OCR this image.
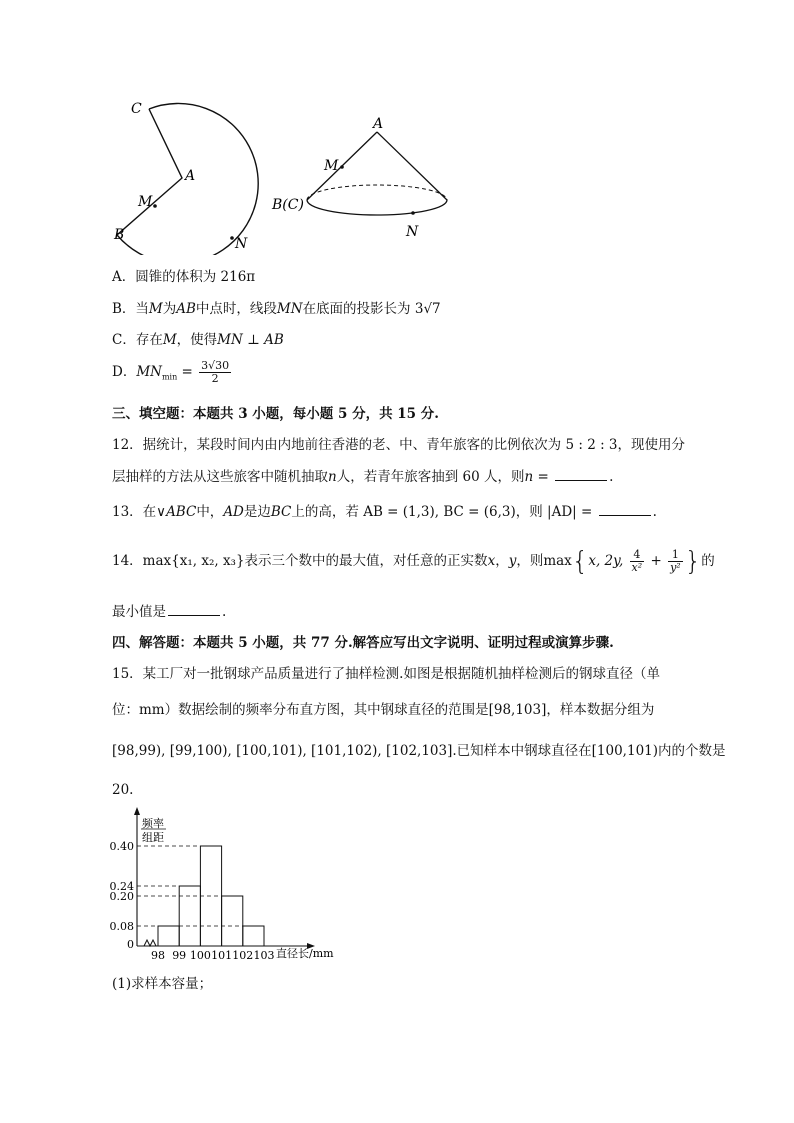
C
A
M
B
N
A
M
B(C)
N
A．圆锥的体积为 216π
B．当M为AB中点时，线段MN在底面的投影长为 3√7
C．存在M，使得MN ⊥ AB
D．$MN_{min} = \frac{3√30}{2}$
三、填空题：本题共 3 小题，每小题 5 分，共 15 分.
12．据统计，某段时间内由内地前往香港的老、中、青年旅客的比例依次为 5 : 2 : 3，现使用分
层抽样的方法从这些旅客中随机抽取n人，若青年旅客抽到 60 人，则n =	.
13．在∨ABC中，AD是边BC上的高，若 AB = (1,3), BC = (6,3)，则 |AD| =	.
14．max{x₁, x₂, x₃}表示三个数中的最大值，对任意的正实数x，y，则max{x, 2y, $\frac{4}{\text{x²}} + \frac{1}{\text{y²}}$ }的
最小值是	.
四、解答题：本题共 5 小题，共 77 分.解答应写出文字说明、证明过程或演算步骤.
15．某工厂对一批钢球产品质量进行了抽样检测.如图是根据随机抽样检测后的钢球直径（单
位：mm）数据绘制的频率分布直方图，其中钢球直径的范围是[98,103]，样本数据分组为
[98,99), [99,100), [100,101), [101,102), [102,103].已知样本中钢球直径在[100,101)内的个数是
20.
频率
组距
直径长/mm
0
0.08
0.20
0.24
0.40
98 99 100 101 102 103
(1)求样本容量；
